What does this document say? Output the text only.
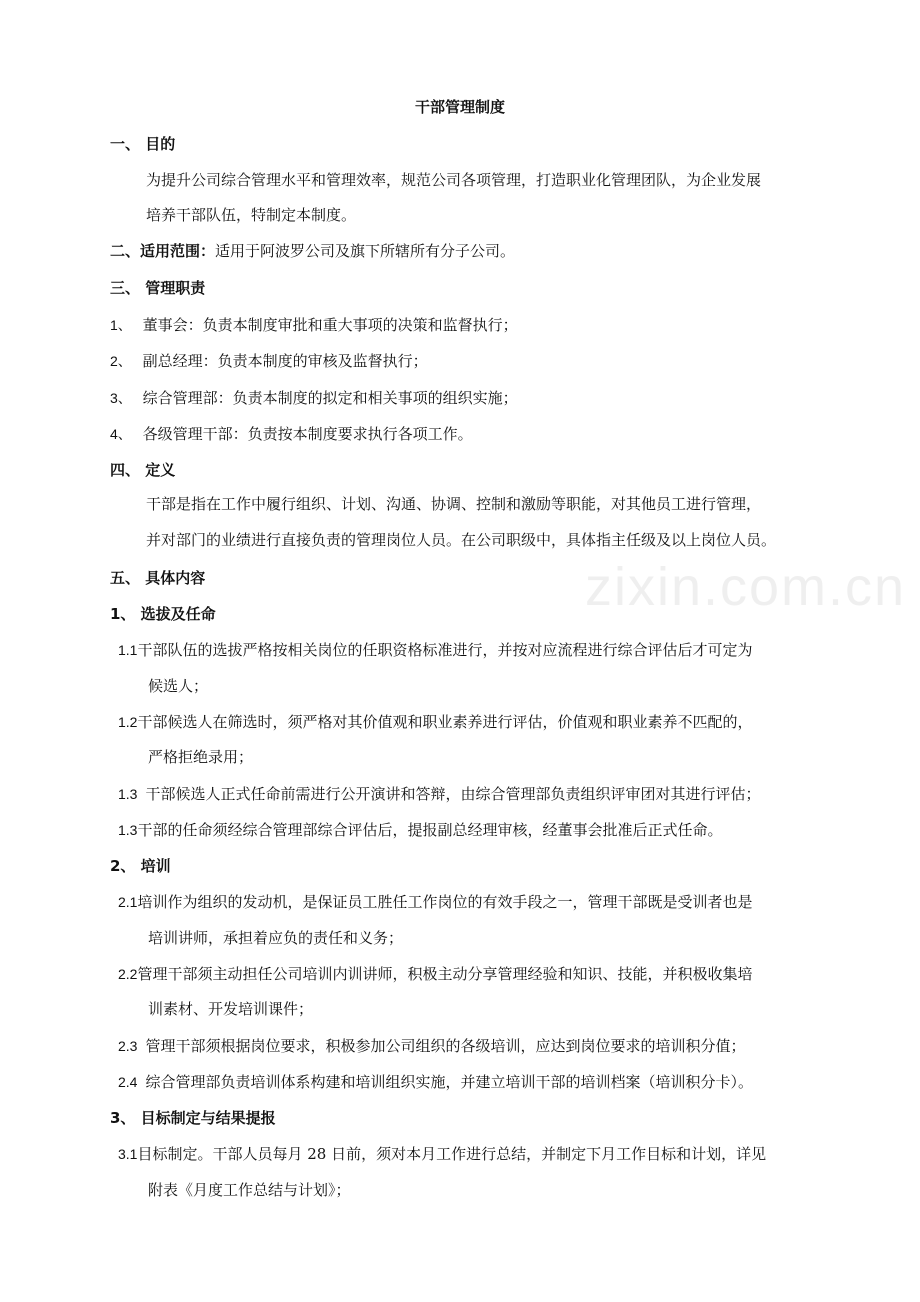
zixin.com.cn
干部管理制度
一、 目的
为提升公司综合管理水平和管理效率，规范公司各项管理，打造职业化管理团队，为企业发展
培养干部队伍，特制定本制度。
二、适用范围：适用于阿波罗公司及旗下所辖所有分子公司。
三、 管理职责
1、 董事会：负责本制度审批和重大事项的决策和监督执行；
2、 副总经理：负责本制度的审核及监督执行；
3、 综合管理部：负责本制度的拟定和相关事项的组织实施；
4、 各级管理干部：负责按本制度要求执行各项工作。
四、 定义
干部是指在工作中履行组织、计划、沟通、协调、控制和激励等职能，对其他员工进行管理，
并对部门的业绩进行直接负责的管理岗位人员。在公司职级中，具体指主任级及以上岗位人员。
五、 具体内容
1、 选拔及任命
1.1干部队伍的选拔严格按相关岗位的任职资格标准进行，并按对应流程进行综合评估后才可定为
候选人；
1.2干部候选人在筛选时，须严格对其价值观和职业素养进行评估，价值观和职业素养不匹配的，
严格拒绝录用；
1.3 干部候选人正式任命前需进行公开演讲和答辩，由综合管理部负责组织评审团对其进行评估；
1.3干部的任命须经综合管理部综合评估后，提报副总经理审核，经董事会批准后正式任命。
2、 培训
2.1培训作为组织的发动机，是保证员工胜任工作岗位的有效手段之一，管理干部既是受训者也是
培训讲师，承担着应负的责任和义务；
2.2管理干部须主动担任公司培训内训讲师，积极主动分享管理经验和知识、技能，并积极收集培
训素材、开发培训课件；
2.3 管理干部须根据岗位要求，积极参加公司组织的各级培训，应达到岗位要求的培训积分值；
2.4 综合管理部负责培训体系构建和培训组织实施，并建立培训干部的培训档案（培训积分卡）。
3、 目标制定与结果提报
3.1目标制定。干部人员每月 28 日前，须对本月工作进行总结，并制定下月工作目标和计划，详见
附表《月度工作总结与计划》；
